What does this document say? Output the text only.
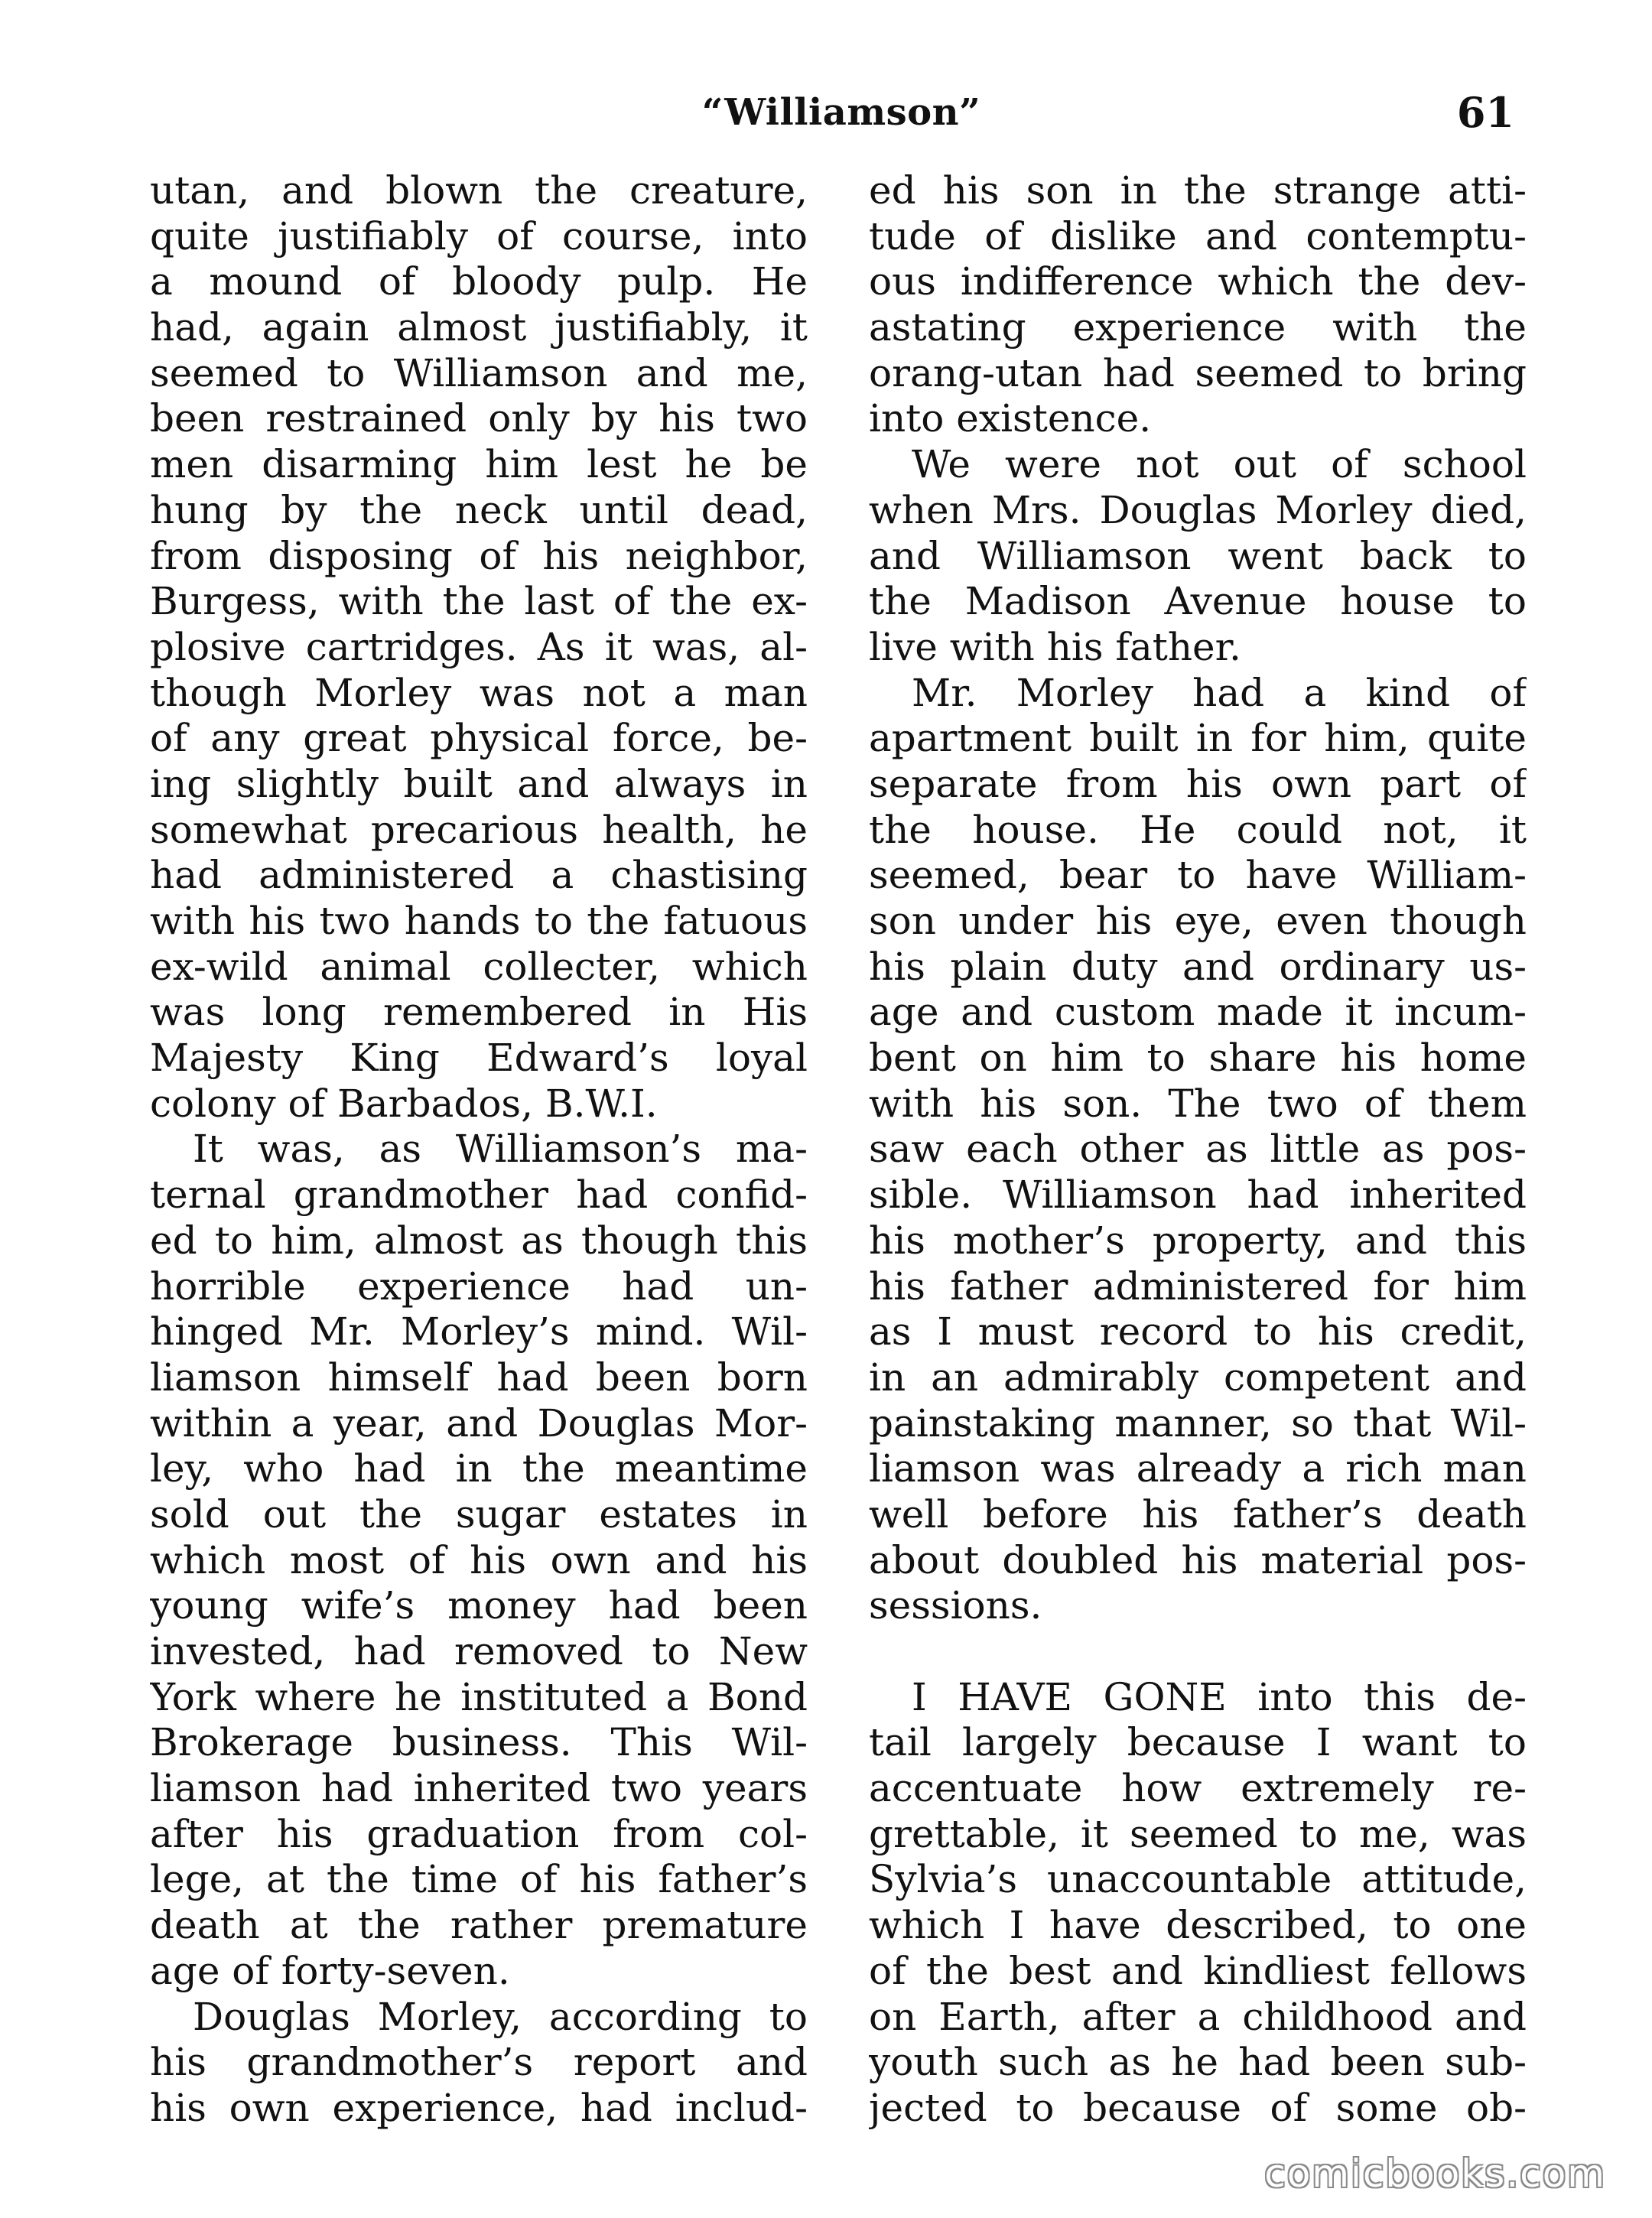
“Williamson”	61
utan, and blown the creature,
quite justifiably of course, into
a mound of bloody pulp. He
had, again almost justifiably, it
seemed to Williamson and me,
been restrained only by his two
men disarming him lest he be
hung by the neck until dead,
from disposing of his neighbor,
Burgess, with the last of the ex-
plosive cartridges. As it was, al-
though Morley was not a man
of any great physical force, be-
ing slightly built and always in
somewhat precarious health, he
had administered a chastising
with his two hands to the fatuous
ex-wild animal collecter, which
was long remembered in His
Majesty King Edward’s loyal
colony of Barbados, B.W.I.
It was, as Williamson’s ma-
ternal grandmother had confid-
ed to him, almost as though this
horrible experience had un-
hinged Mr. Morley’s mind. Wil-
liamson himself had been born
within a year, and Douglas Mor-
ley, who had in the meantime
sold out the sugar estates in
which most of his own and his
young wife’s money had been
invested, had removed to New
York where he instituted a Bond
Brokerage business. This Wil-
liamson had inherited two years
after his graduation from col-
lege, at the time of his father’s
death at the rather premature
age of forty-seven.
Douglas Morley, according to
his grandmother’s report and
his own experience, had includ-
ed his son in the strange atti-
tude of dislike and contemptu-
ous indifference which the dev-
astating experience with the
orang-utan had seemed to bring
into existence.
We were not out of school
when Mrs. Douglas Morley died,
and Williamson went back to
the Madison Avenue house to
live with his father.
Mr. Morley had a kind of
apartment built in for him, quite
separate from his own part of
the house. He could not, it
seemed, bear to have William-
son under his eye, even though
his plain duty and ordinary us-
age and custom made it incum-
bent on him to share his home
with his son. The two of them
saw each other as little as pos-
sible. Williamson had inherited
his mother’s property, and this
his father administered for him
as I must record to his credit,
in an admirably competent and
painstaking manner, so that Wil-
liamson was already a rich man
well before his father’s death
about doubled his material pos-
sessions.
I HAVE GONE into this de-
tail largely because I want to
accentuate how extremely re-
grettable, it seemed to me, was
Sylvia’s unaccountable attitude,
which I have described, to one
of the best and kindliest fellows
on Earth, after a childhood and
youth such as he had been sub-
jected to because of some ob-
comicbooks.com
